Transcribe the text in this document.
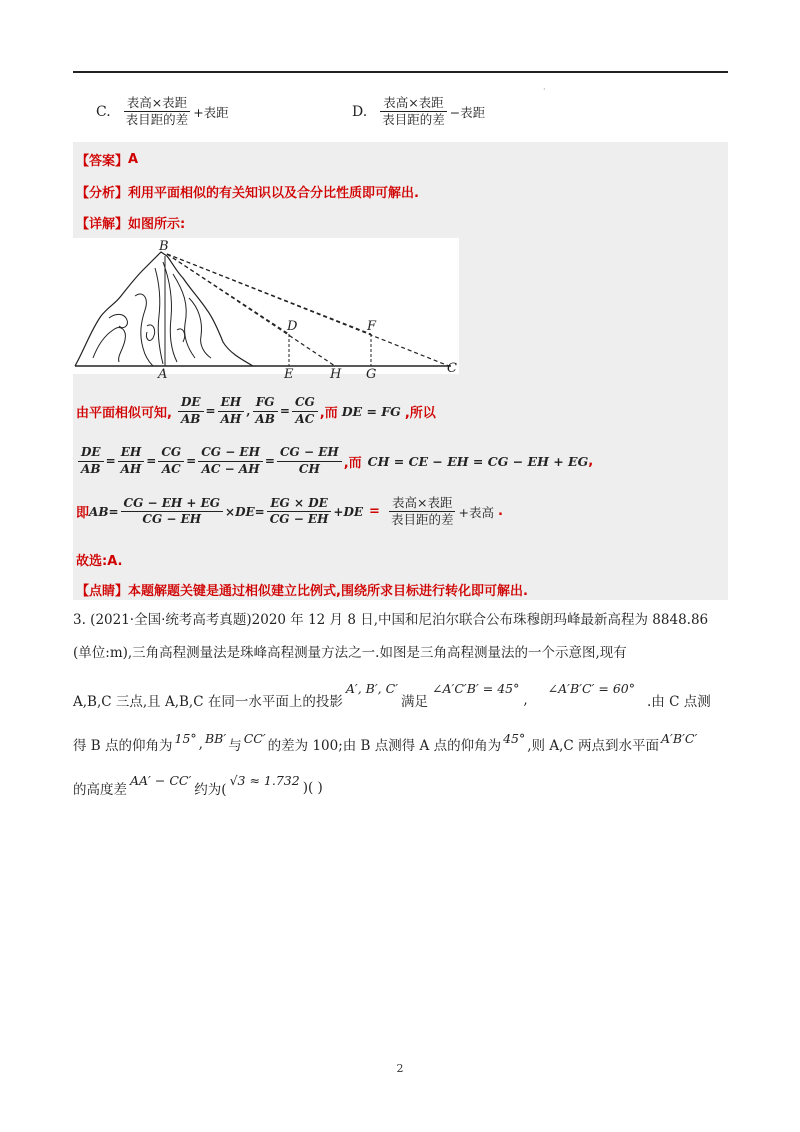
·
C. $\frac{\text{表高×表距}}{\text{表目距的差}}$ +表距	D. $\frac{\text{表高×表距}}{\text{表目距的差}}$ −表距
【答案】 A
【分析】 利用平面相似的有关知识以及合分比性质即可解出.
【详解】 如图所示:
B
D	F
C
A	E	H G
由平面相似可知, $\frac{DE}{AB} = \frac{EH}{AH}$ , $\frac{FG}{AB} = \frac{CG}{AC}$ ,而 DE = FG ,所以
$\frac{DE}{AB} = \frac{EH}{AH} = \frac{CG}{AC} = \frac{CG - EH}{AC - AH} = \frac{CG - EH}{CH}$ ,而 CH = CE − EH = CG − EH + EG ,
即 AB = $\frac{CG - EH + EG}{CG - EH}$ × DE = $\frac{EG \times DE}{CG - EH}$ + DE = $\frac{\text{表高×表距}}{\text{表目距的差}}$ +表高 .
故选:A.
【点睛】 本题解题关键是通过相似建立比例式,围绕所求目标进行转化即可解出.
3. (2021·全国·统考高考真题)2020 年 12 月 8 日,中国和尼泊尔联合公布珠穆朗玛峰最新高程为 8848.86
(单位:m),三角高程测量法是珠峰高程测量方法之一.如图是三角高程测量法的一个示意图,现有
A,B,C 三点,且 A,B,C 在同一水平面上的投影
A′, B′, C′
满足
∠A′C′B′ = 45°
,
∠A′B′C′ = 60°
.由 C 点测
得 B 点的仰角为 15° , BB′ 与 CC′ 的差为 100;由 B 点测得 A 点的仰角为 45° ,则 A,C 两点到水平面 A′B′C′
的高度差
AA′ − CC′
约为(
√3 ≈ 1.732 )( )
2
